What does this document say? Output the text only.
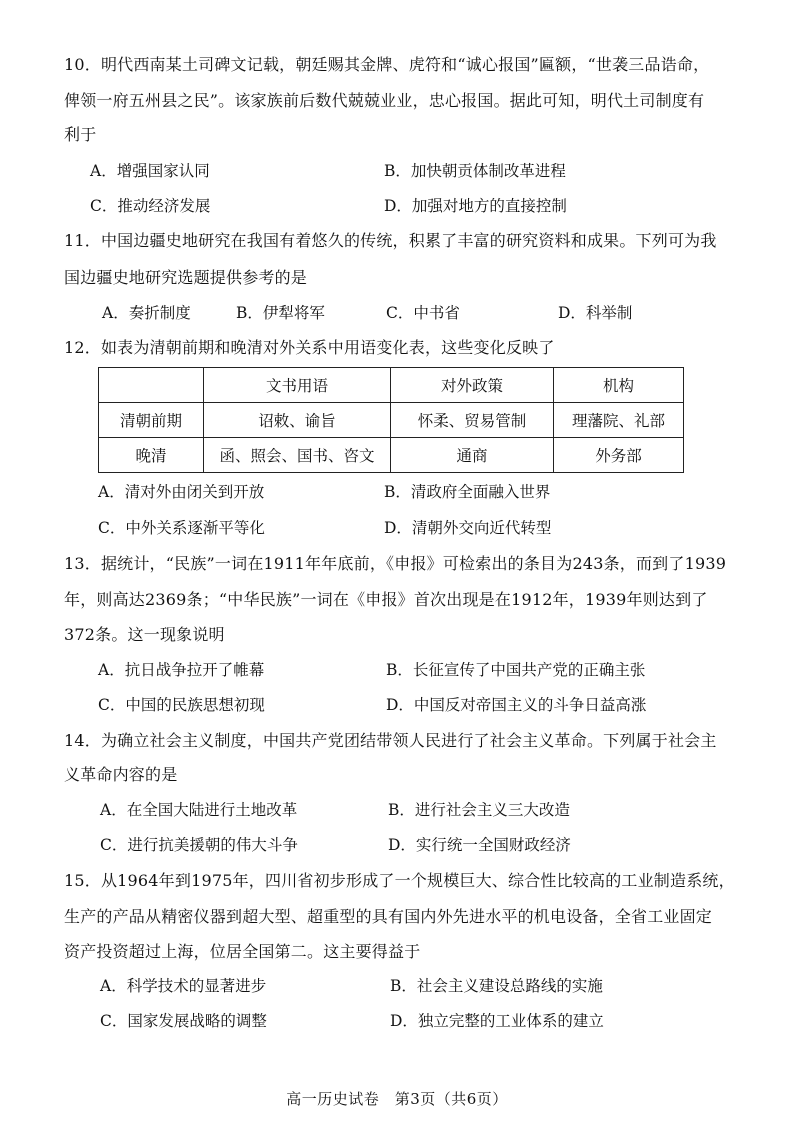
10．明代西南某土司碑文记载，朝廷赐其金牌、虎符和“诚心报国”匾额，“世袭三品诰命，
俾领一府五州县之民”。该家族前后数代兢兢业业，忠心报国。据此可知，明代土司制度有
利于
A．增强国家认同	B．加快朝贡体制改革进程
C．推动经济发展	D．加强对地方的直接控制
11．中国边疆史地研究在我国有着悠久的传统，积累了丰富的研究资料和成果。下列可为我
国边疆史地研究选题提供参考的是
A．奏折制度	B．伊犁将军	C．中书省	D．科举制
12．如表为清朝前期和晚清对外关系中用语变化表，这些变化反映了
	文书用语	对外政策	机构
清朝前期	诏敕、谕旨	怀柔、贸易管制	理藩院、礼部
晚清	函、照会、国书、咨文	通商	外务部
A．清对外由闭关到开放	B．清政府全面融入世界
C．中外关系逐渐平等化	D．清朝外交向近代转型
13．据统计，“民族”一词在1911年年底前，《申报》可检索出的条目为243条，而到了1939
年，则高达2369条；“中华民族”一词在《申报》首次出现是在1912年，1939年则达到了
372条。这一现象说明
A．抗日战争拉开了帷幕	B．长征宣传了中国共产党的正确主张
C．中国的民族思想初现	D．中国反对帝国主义的斗争日益高涨
14．为确立社会主义制度，中国共产党团结带领人民进行了社会主义革命。下列属于社会主
义革命内容的是
A．在全国大陆进行土地改革	B．进行社会主义三大改造
C．进行抗美援朝的伟大斗争	D．实行统一全国财政经济
15．从1964年到1975年，四川省初步形成了一个规模巨大、综合性比较高的工业制造系统，
生产的产品从精密仪器到超大型、超重型的具有国内外先进水平的机电设备，全省工业固定
资产投资超过上海，位居全国第二。这主要得益于
A．科学技术的显著进步	B．社会主义建设总路线的实施
C．国家发展战略的调整	D．独立完整的工业体系的建立
高一历史试卷　第3页（共6页）
